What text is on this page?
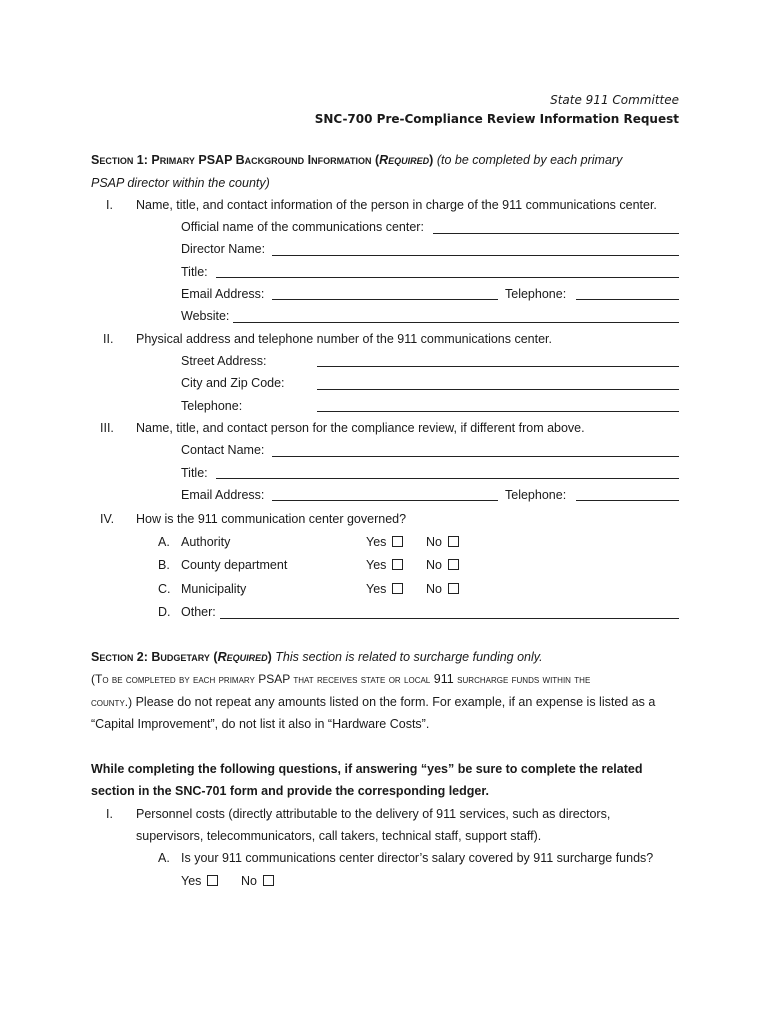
State 911 Committee
SNC-700 Pre-Compliance Review Information Request
Section 1: Primary PSAP Background Information (Required) (to be completed by each primary
PSAP director within the county)
I. Name, title, and contact information of the person in charge of the 911 communications center.
Official name of the communications center:
Director Name:
Title:
Email Address:	Telephone:
Website:
II. Physical address and telephone number of the 911 communications center.
Street Address:
City and Zip Code:
Telephone:
III. Name, title, and contact person for the compliance review, if different from above.
Contact Name:
Title:
Email Address:	Telephone:
IV. How is the 911 communication center governed?
A. Authority	Yes	No
B. County department	Yes	No
C. Municipality	Yes	No
D. Other:
Section 2: Budgetary (Required) This section is related to surcharge funding only.
(To be completed by each primary PSAP that receives state or local 911 surcharge funds within the
county.) Please do not repeat any amounts listed on the form. For example, if an expense is listed as a
“Capital Improvement”, do not list it also in “Hardware Costs”.
While completing the following questions, if answering “yes” be sure to complete the related
section in the SNC-701 form and provide the corresponding ledger.
I. Personnel costs (directly attributable to the delivery of 911 services, such as directors,
supervisors, telecommunicators, call takers, technical staff, support staff).
A. Is your 911 communications center director’s salary covered by 911 surcharge funds?
Yes	No
